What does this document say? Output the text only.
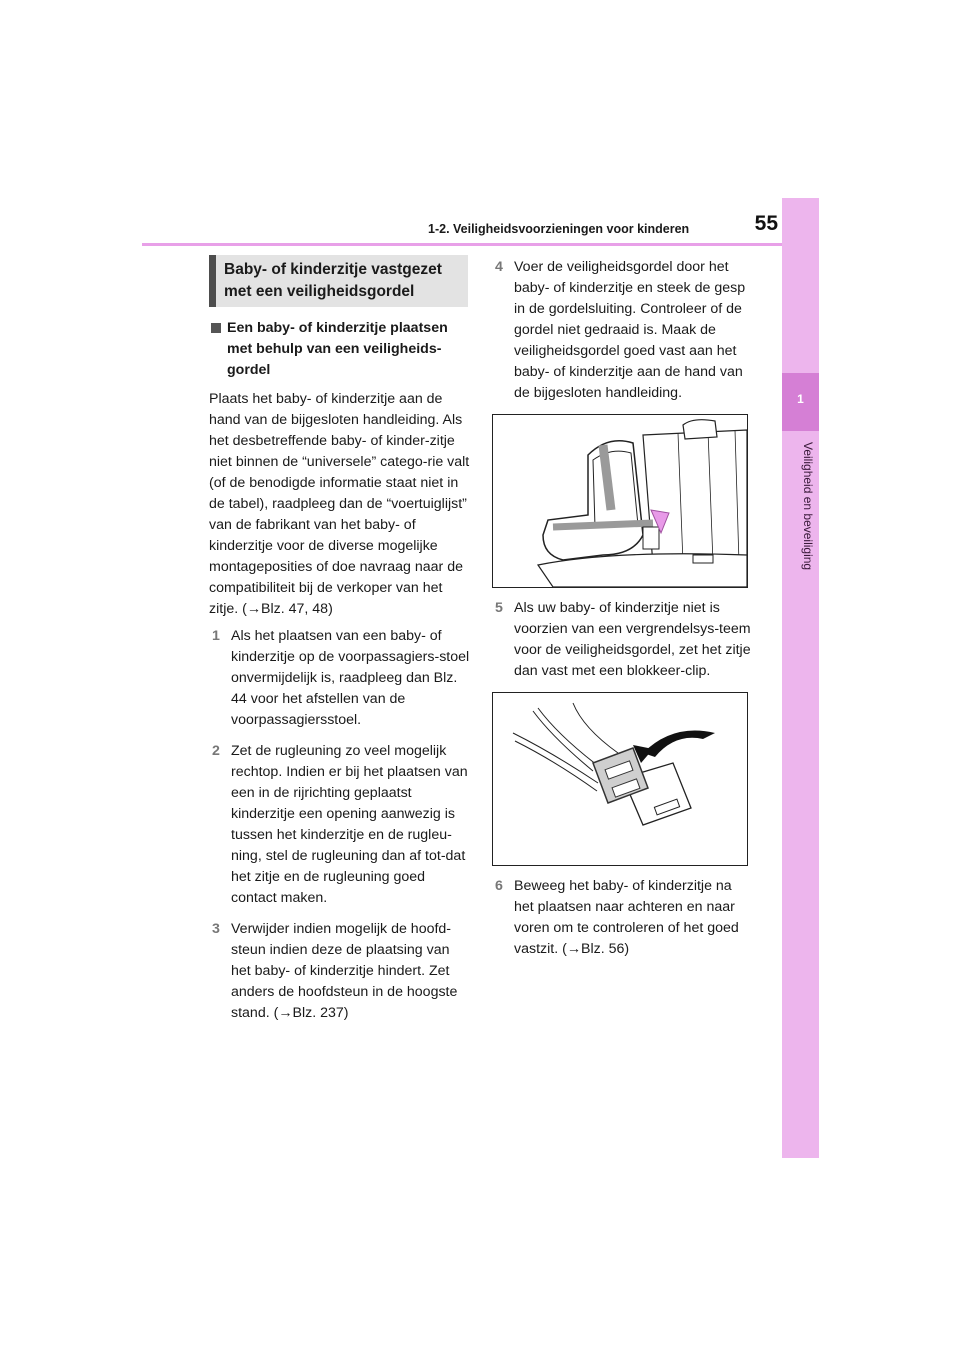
55
1-2. Veiligheidsvoorzieningen voor kinderen
1
Veiligheid en beveiliging
Baby- of kinderzitje vastgezet met een veiligheidsgordel
Een baby- of kinderzitje plaatsen met behulp van een veiligheids-gordel
Plaats het baby- of kinderzitje aan de hand van de bijgesloten handleiding. Als het desbetreffende baby- of kinder-zitje niet binnen de “universele” catego-rie valt (of de benodigde informatie staat niet in de tabel), raadpleeg dan de “voertuiglijst” van de fabrikant van het baby- of kinderzitje voor de diverse mogelijke montageposities of doe navraag naar de compatibiliteit bij de verkoper van het zitje. (→Blz. 47, 48)
1 Als het plaatsen van een baby- of kinderzitje op de voorpassagiers-stoel onvermijdelijk is, raadpleeg dan Blz. 44 voor het afstellen van de voorpassagiersstoel.
2 Zet de rugleuning zo veel mogelijk rechtop. Indien er bij het plaatsen van een in de rijrichting geplaatst kinderzitje een opening aanwezig is tussen het kinderzitje en de rugleu-ning, stel de rugleuning dan af tot-dat het zitje en de rugleuning goed contact maken.
3 Verwijder indien mogelijk de hoofd-steun indien deze de plaatsing van het baby- of kinderzitje hindert. Zet anders de hoofdsteun in de hoogste stand. (→Blz. 237)
4 Voer de veiligheidsgordel door het baby- of kinderzitje en steek de gesp in de gordelsluiting. Controleer of de gordel niet gedraaid is. Maak de veiligheidsgordel goed vast aan het baby- of kinderzitje aan de hand van de bijgesloten handleiding.
5 Als uw baby- of kinderzitje niet is voorzien van een vergrendelsys-teem voor de veiligheidsgordel, zet het zitje dan vast met een blokkeer-clip.
6 Beweeg het baby- of kinderzitje na het plaatsen naar achteren en naar voren om te controleren of het goed vastzit. (→Blz. 56)
